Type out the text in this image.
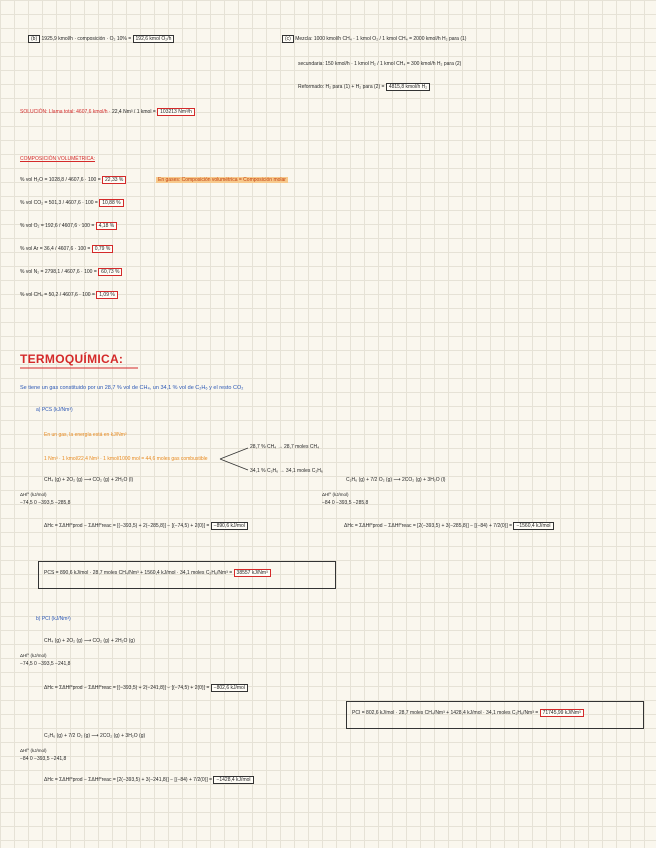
(b) 1925,9 kmol/h · composición · O₂ 10% = 192,6 kmol O₂/h	(c) Mezcla: 1000 kmol/h CH₄ · 1 kmol O₂ / 1 kmol CH₄ = 2000 kmol/h H₂ para (1)
secundaria: 150 kmol/h · 1 kmol H₂ / 1 kmol CH₄ = 300 kmol/h H₂ para (2)
Reformado: H₂ para (1) + H₂ para (2) = 4815,8 kmol/h H₂
SOLUCIÓN: Llama total: 4607,6 kmol/h · 22,4 Nm³ / 1 kmol = 103213 Nm³/h
COMPOSICIÓN VOLUMÉTRICA:
En gases: Composición volumétrica = Composición molar
% vol H₂O = 1028,8 / 4607,6 · 100 = 22,33 %
% vol CO₂ = 501,3 / 4607,6 · 100 = 10,88 %
% vol O₂ = 192,6 / 4607,6 · 100 = 4,18 %
% vol Ar = 36,4 / 4607,6 · 100 = 0,79 %
% vol N₂ = 2798,1 / 4607,6 · 100 = 60,73 %
% vol CH₄ = 50,2 / 4607,6 · 100 = 1,09 %
TERMOQUÍMICA:
Se tiene un gas constituido por un 28,7 % vol de CH₄, un 34,1 % vol de C₂H₆ y el resto CO₂
a) PCS (kJ/Nm³)
En un gas, la energía está en kJ/Nm³
1 Nm³ · 1 kmol/22,4 Nm³ · 1 kmol/1000 mol = 44,6 moles gas combustible
28,7 % CH₄ → 28,7 moles CH₄
34,1 % C₂H₆ → 34,1 moles C₂H₆
CH₄ (g) + 2O₂ (g) ⟶ CO₂ (g) + 2H₂O (l)
ΔHf° (kJ/mol)
−74,5 0 −393,5 −285,8
C₂H₆ (g) + 7/2 O₂ (g) ⟶ 2CO₂ (g) + 3H₂O (l)
ΔHf° (kJ/mol)
−84 0 −393,5 −285,8
ΔHc = ΣΔHf°prod − ΣΔHf°reac = [(−393,5) + 2(−285,8)] − [(−74,5) + 2(0)] = −890,6 kJ/mol	ΔHc = ΣΔHf°prod − ΣΔHf°reac = [2(−393,5) + 3(−285,8)] − [(−84) + 7/2(0)] = −1560,4 kJ/mol
PCS = 890,6 kJ/mol · 28,7 moles CH₄/Nm³ + 1560,4 kJ/mol · 34,1 moles C₂H₆/Nm³ = 38557 kJ/Nm³
b) PCI (kJ/Nm³)
CH₄ (g) + 2O₂ (g) ⟶ CO₂ (g) + 2H₂O (g)
ΔHf° (kJ/mol)
−74,5 0 −393,5 −241,8
ΔHc = ΣΔHf°prod − ΣΔHf°reac = [(−393,5) + 2(−241,8)] − [(−74,5) + 2(0)] = −802,6 kJ/mol
PCI = 802,6 kJ/mol · 28,7 moles CH₄/Nm³ + 1428,4 kJ/mol · 34,1 moles C₂H₆/Nm³ = 71745,99 kJ/Nm³
C₂H₆ (g) + 7/2 O₂ (g) ⟶ 2CO₂ (g) + 3H₂O (g)
ΔHf° (kJ/mol)
−84 0 −393,5 −241,8
ΔHc = ΣΔHf°prod − ΣΔHf°reac = [2(−393,5) + 3(−241,8)] − [(−84) + 7/2(0)] = −1428,4 kJ/mol
